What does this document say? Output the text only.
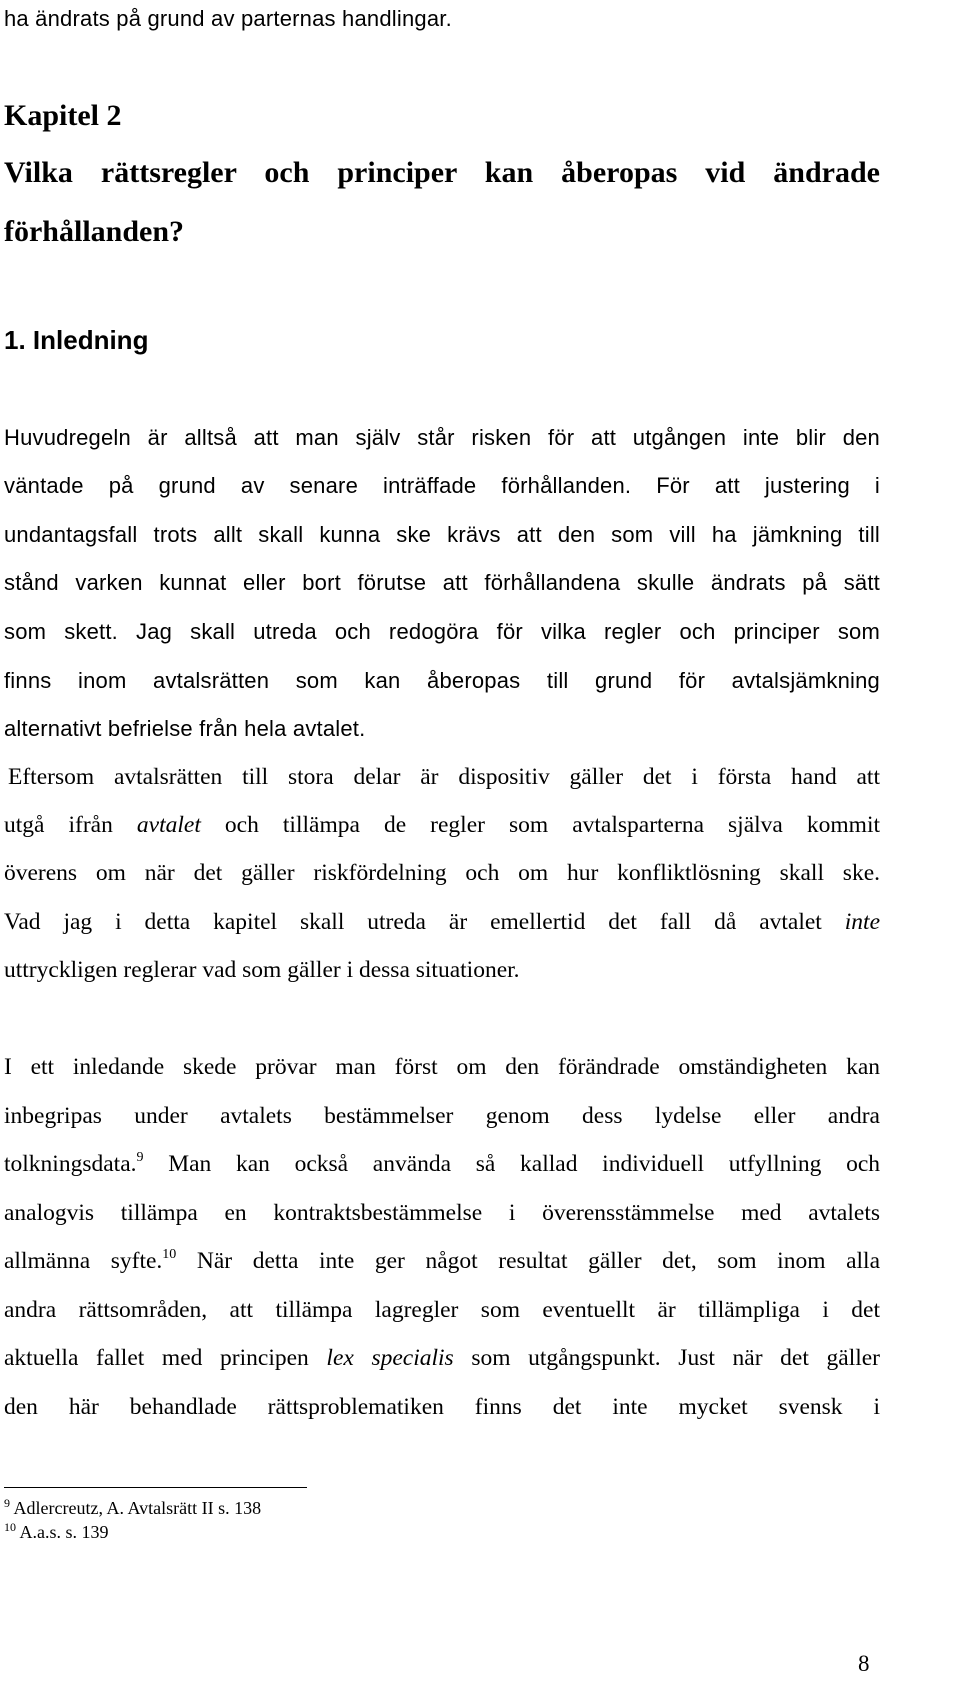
ha ändrats på grund av parternas handlingar.
Kapitel 2
Vilka rättsregler och principer kan åberopas vid ändrade
förhållanden?
1. Inledning
Huvudregeln är alltså att man själv står risken för att utgången inte blir den
väntade på grund av senare inträffade förhållanden. För att justering i
undantagsfall trots allt skall kunna ske krävs att den som vill ha jämkning till
stånd varken kunnat eller bort förutse att förhållandena skulle ändrats på sätt
som skett. Jag skall utreda och redogöra för vilka regler och principer som
finns inom avtalsrätten som kan åberopas till grund för avtalsjämkning
alternativt befrielse från hela avtalet.
Eftersom avtalsrätten till stora delar är dispositiv gäller det i första hand att
utgå ifrån avtalet och tillämpa de regler som avtalsparterna själva kommit
överens om när det gäller riskfördelning och om hur konfliktlösning skall ske.
Vad jag i detta kapitel skall utreda är emellertid det fall då avtalet inte
uttryckligen reglerar vad som gäller i dessa situationer.
I ett inledande skede prövar man först om den förändrade omständigheten kan
inbegripas under avtalets bestämmelser genom dess lydelse eller andra
tolkningsdata.$^9$ Man kan också använda så kallad individuell utfyllning och
analogvis tillämpa en kontraktsbestämmelse i överensstämmelse med avtalets
allmänna syfte.$^{10}$ När detta inte ger något resultat gäller det, som inom alla
andra rättsområden, att tillämpa lagregler som eventuellt är tillämpliga i det
aktuella fallet med principen lex specialis som utgångspunkt. Just när det gäller
den här behandlade rättsproblematiken finns det inte mycket svensk i
$^9$ Adlercreutz, A. Avtalsrätt II s. 138
$^{10}$ A.a.s. s. 139
8
